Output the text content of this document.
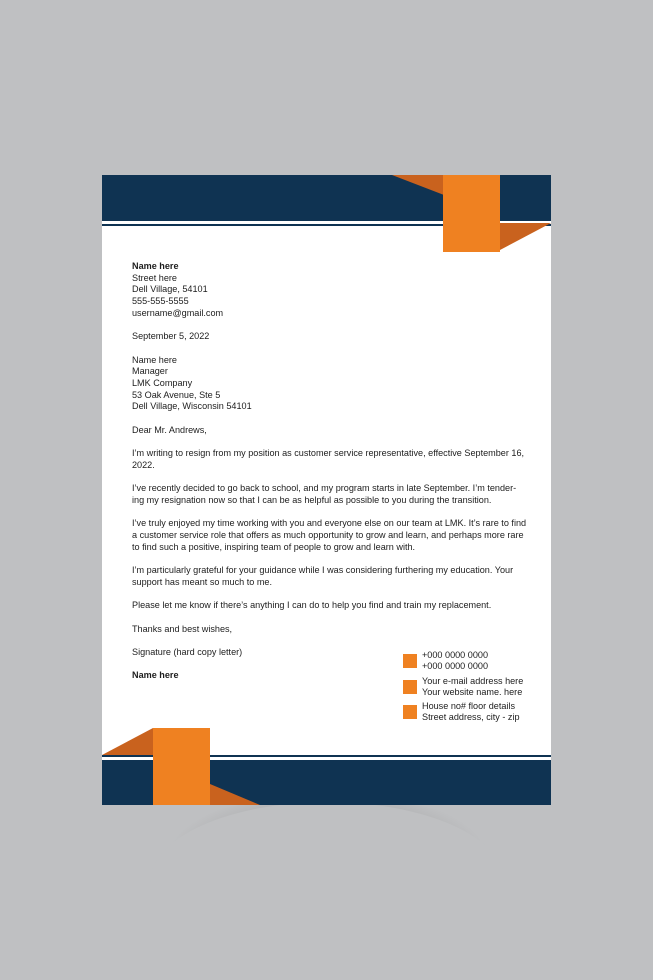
Name here
Street here
Dell Village, 54101
555-555-5555
username@gmail.com

September 5, 2022

Name here
Manager
LMK Company
53 Oak Avenue, Ste 5
Dell Village, Wisconsin 54101

Dear Mr. Andrews,

I’m writing to resign from my position as customer service representative, effective September 16, 2022.

I’ve recently decided to go back to school, and my program starts in late September. I’m tender-ing my resignation now so that I can be as helpful as possible to you during the transition.

I’ve truly enjoyed my time working with you and everyone else on our team at LMK. It’s rare to find a customer service role that offers as much opportunity to grow and learn, and perhaps more rare to find such a positive, inspiring team of people to grow and learn with.

I’m particularly grateful for your guidance while I was considering furthering my education. Your support has meant so much to me.

Please let me know if there’s anything I can do to help you find and train my replacement.

Thanks and best wishes,

Signature (hard copy letter)

Name here

+000 0000 0000
+000 0000 0000
Your e-mail address here
Your website name. here
House no# floor details
Street address, city - zip
